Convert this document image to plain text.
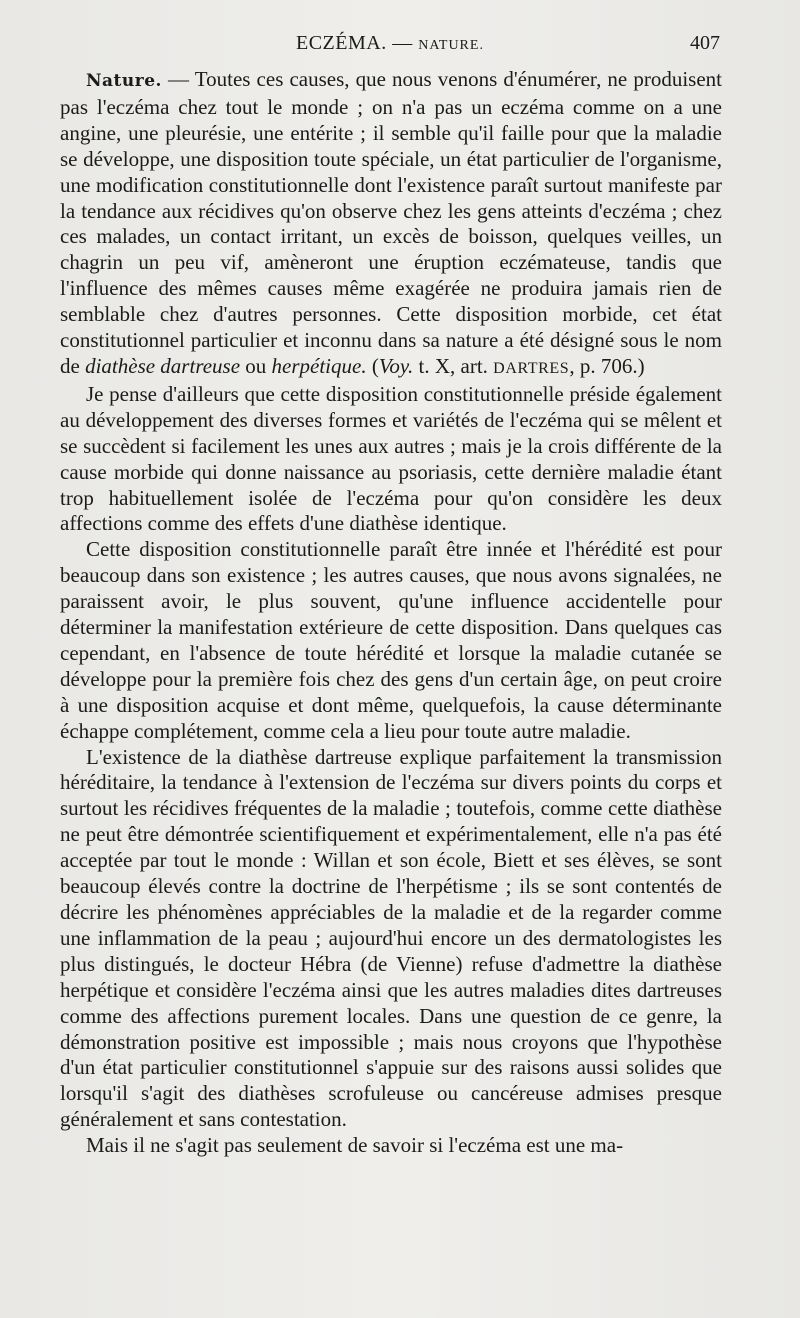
ECZÉMA. — NATURE.	407

Nature. — Toutes ces causes, que nous venons d'énumérer, ne produisent pas l'eczéma chez tout le monde ; on n'a pas un eczéma comme on a une angine, une pleurésie, une entérite ; il semble qu'il faille pour que la maladie se développe, une disposition toute spéciale, un état particulier de l'organisme, une modification constitutionnelle dont l'existence paraît surtout manifeste par la tendance aux récidives qu'on observe chez les gens atteints d'eczéma ; chez ces malades, un contact irritant, un excès de boisson, quelques veilles, un chagrin un peu vif, amèneront une éruption eczémateuse, tandis que l'influence des mêmes causes même exagérée ne produira jamais rien de semblable chez d'autres personnes. Cette disposition morbide, cet état constitutionnel particulier et inconnu dans sa nature a été désigné sous le nom de diathèse dartreuse ou herpétique. (Voy. t. X, art. DARTRES, p. 706.)

Je pense d'ailleurs que cette disposition constitutionnelle préside également au développement des diverses formes et variétés de l'eczéma qui se mêlent et se succèdent si facilement les unes aux autres ; mais je la crois différente de la cause morbide qui donne naissance au psoriasis, cette dernière maladie étant trop habituellement isolée de l'eczéma pour qu'on considère les deux affections comme des effets d'une diathèse identique.

Cette disposition constitutionnelle paraît être innée et l'hérédité est pour beaucoup dans son existence ; les autres causes, que nous avons signalées, ne paraissent avoir, le plus souvent, qu'une influence accidentelle pour déterminer la manifestation extérieure de cette disposition. Dans quelques cas cependant, en l'absence de toute hérédité et lorsque la maladie cutanée se développe pour la première fois chez des gens d'un certain âge, on peut croire à une disposition acquise et dont même, quelquefois, la cause déterminante échappe complétement, comme cela a lieu pour toute autre maladie.

L'existence de la diathèse dartreuse explique parfaitement la transmission héréditaire, la tendance à l'extension de l'eczéma sur divers points du corps et surtout les récidives fréquentes de la maladie ; toutefois, comme cette diathèse ne peut être démontrée scientifiquement et expérimentalement, elle n'a pas été acceptée par tout le monde : Willan et son école, Biett et ses élèves, se sont beaucoup élevés contre la doctrine de l'herpétisme ; ils se sont contentés de décrire les phénomènes appréciables de la maladie et de la regarder comme une inflammation de la peau ; aujourd'hui encore un des dermatologistes les plus distingués, le docteur Hébra (de Vienne) refuse d'admettre la diathèse herpétique et considère l'eczéma ainsi que les autres maladies dites dartreuses comme des affections purement locales. Dans une question de ce genre, la démonstration positive est impossible ; mais nous croyons que l'hypothèse d'un état particulier constitutionnel s'appuie sur des raisons aussi solides que lorsqu'il s'agit des diathèses scrofuleuse ou cancéreuse admises presque généralement et sans contestation.

Mais il ne s'agit pas seulement de savoir si l'eczéma est une ma-
